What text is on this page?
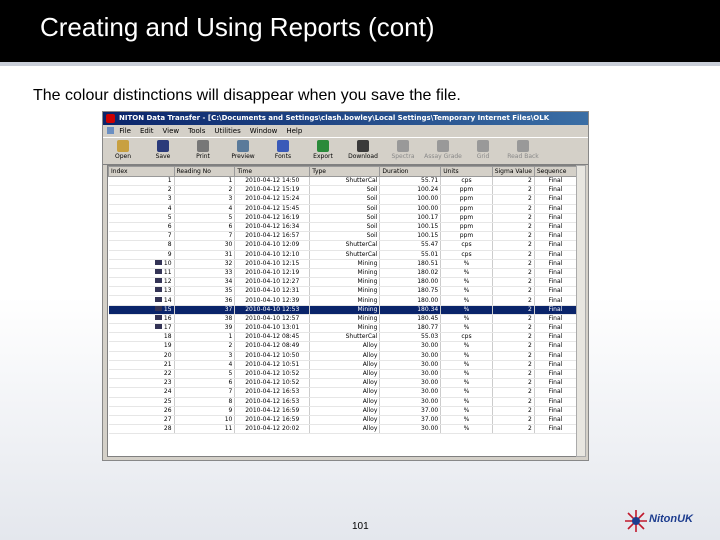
Creating and Using Reports (cont)
The colour distinctions will disappear when you save the file.
NITON Data Transfer - [C:\Documents and Settings\clash.bowley\Local Settings\Temporary Internet Files\OLK
File Edit View Tools Utilities Window Help
Open	Save	Print	Preview	Fonts	Export	Download	Spectra	Assay Grade	Grid	Read Back
Index	Reading No	Time	Type	Duration	Units	Sigma Value	Sequence
1	1	2010-04-12 14:50	ShutterCal	55.71	cps	2	Final
2	2	2010-04-12 15:19	Soil	100.24	ppm	2	Final
3	3	2010-04-12 15:24	Soil	100.00	ppm	2	Final
4	4	2010-04-12 15:45	Soil	100.00	ppm	2	Final
5	5	2010-04-12 16:19	Soil	100.17	ppm	2	Final
6	6	2010-04-12 16:34	Soil	100.15	ppm	2	Final
7	7	2010-04-12 16:57	Soil	100.15	ppm	2	Final
8	30	2010-04-10 12:09	ShutterCal	55.47	cps	2	Final
9	31	2010-04-10 12:10	ShutterCal	55.01	cps	2	Final
10	32	2010-04-10 12:15	Mining	180.51	%	2	Final
11	33	2010-04-10 12:19	Mining	180.02	%	2	Final
12	34	2010-04-10 12:27	Mining	180.00	%	2	Final
13	35	2010-04-10 12:31	Mining	180.75	%	2	Final
14	36	2010-04-10 12:39	Mining	180.00	%	2	Final
15	37	2010-04-10 12:53	Mining	180.34	%	2	Final
16	38	2010-04-10 12:57	Mining	180.45	%	2	Final
17	39	2010-04-10 13:01	Mining	180.77	%	2	Final
18	1	2010-04-12 08:45	ShutterCal	55.03	cps	2	Final
19	2	2010-04-12 08:49	Alloy	30.00	%	2	Final
20	3	2010-04-12 10:50	Alloy	30.00	%	2	Final
21	4	2010-04-12 10:51	Alloy	30.00	%	2	Final
22	5	2010-04-12 10:52	Alloy	30.00	%	2	Final
23	6	2010-04-12 10:52	Alloy	30.00	%	2	Final
24	7	2010-04-12 16:53	Alloy	30.00	%	2	Final
25	8	2010-04-12 16:53	Alloy	30.00	%	2	Final
26	9	2010-04-12 16:59	Alloy	37.00	%	2	Final
27	10	2010-04-12 16:59	Alloy	37.00	%	2	Final
28	11	2010-04-12 20:02	Alloy	30.00	%	2	Final
101
NitonUK
